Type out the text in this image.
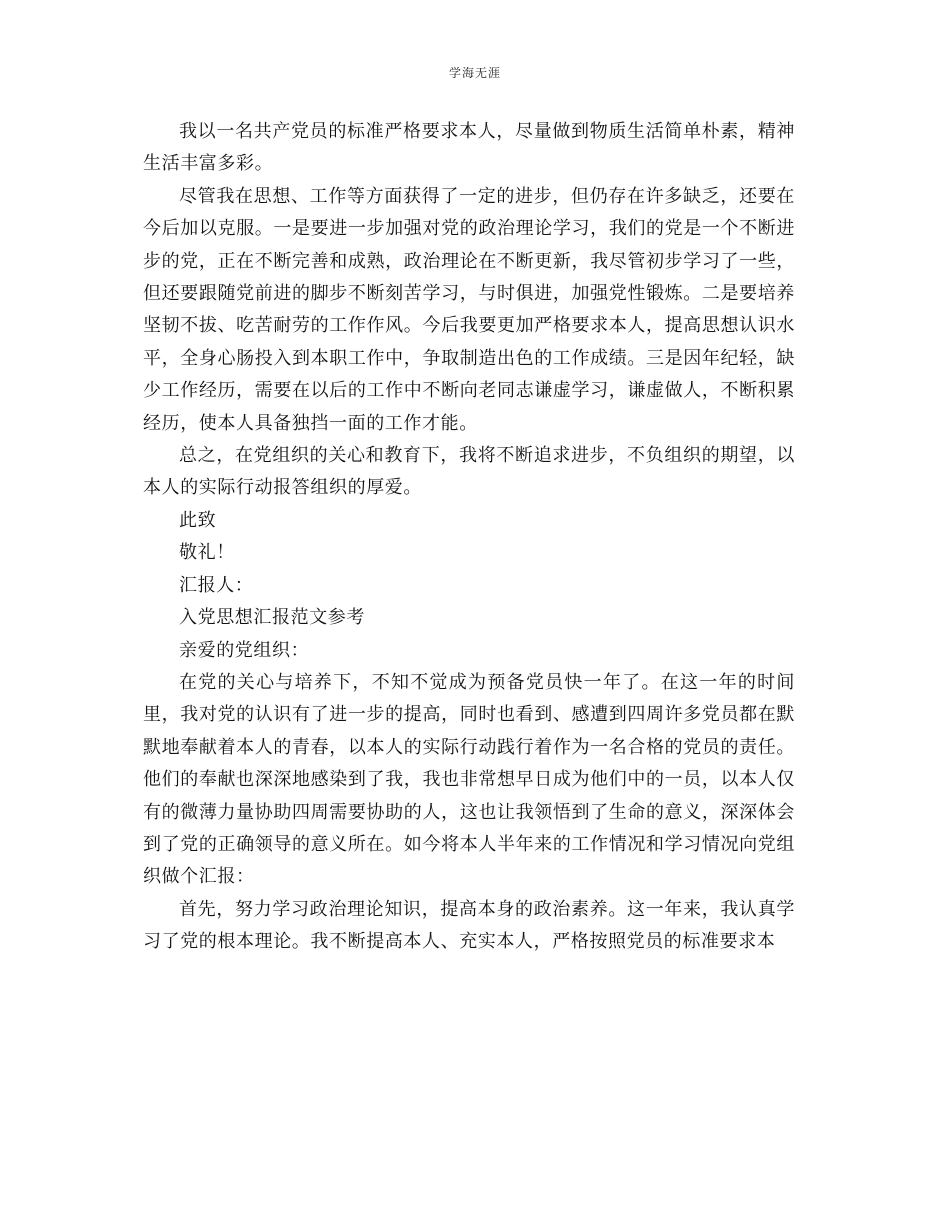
学海无涯

我以一名共产党员的标准严格要求本人，尽量做到物质生活简单朴素，精神生活丰富多彩。

尽管我在思想、工作等方面获得了一定的进步，但仍存在许多缺乏，还要在今后加以克服。一是要进一步加强对党的政治理论学习，我们的党是一个不断进步的党，正在不断完善和成熟，政治理论在不断更新，我尽管初步学习了一些，但还要跟随党前进的脚步不断刻苦学习，与时俱进，加强党性锻炼。二是要培养坚韧不拔、吃苦耐劳的工作作风。今后我要更加严格要求本人，提高思想认识水平，全身心肠投入到本职工作中，争取制造出色的工作成绩。三是因年纪轻，缺少工作经历，需要在以后的工作中不断向老同志谦虚学习，谦虚做人，不断积累经历，使本人具备独挡一面的工作才能。

总之，在党组织的关心和教育下，我将不断追求进步，不负组织的期望，以本人的实际行动报答组织的厚爱。

此致

敬礼！

汇报人：

入党思想汇报范文参考

亲爱的党组织：

在党的关心与培养下，不知不觉成为预备党员快一年了。在这一年的时间里，我对党的认识有了进一步的提高，同时也看到、感遭到四周许多党员都在默默地奉献着本人的青春，以本人的实际行动践行着作为一名合格的党员的责任。他们的奉献也深深地感染到了我，我也非常想早日成为他们中的一员，以本人仅有的微薄力量协助四周需要协助的人，这也让我领悟到了生命的意义，深深体会到了党的正确领导的意义所在。如今将本人半年来的工作情况和学习情况向党组织做个汇报：

首先，努力学习政治理论知识，提高本身的政治素养。这一年来，我认真学习了党的根本理论。我不断提高本人、充实本人，严格按照党员的标准要求本
